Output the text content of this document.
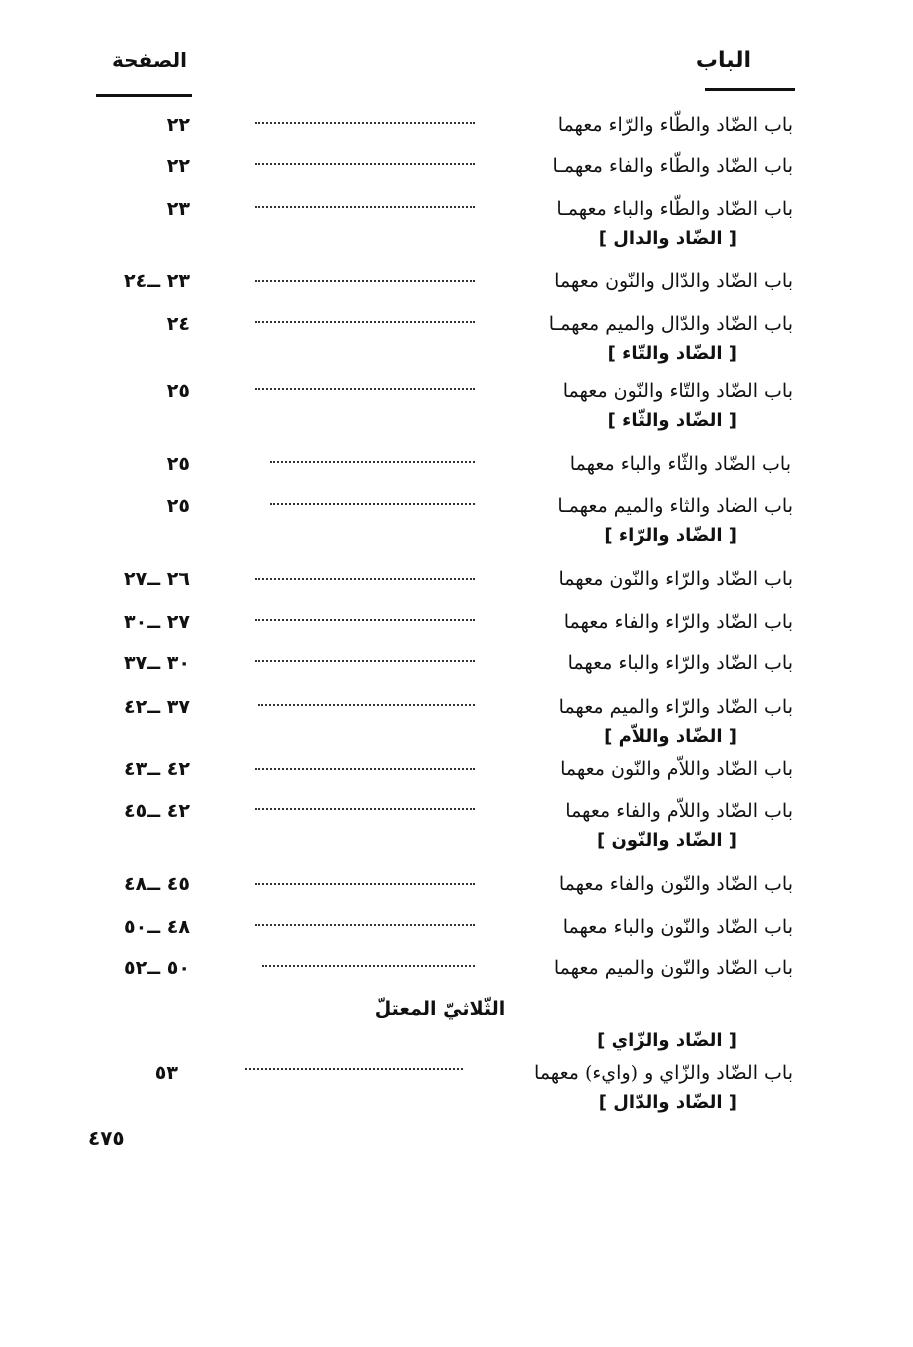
الباب
الصفحة
باب الضّاد والطّاء والرّاء معهما
٢٢
باب الضّاد والطّاء والفاء معهمـا
٢٢
باب الضّاد والطّاء والباء معهمـا
٢٣
[ الضّاد والدال ]
باب الضّاد والدّال والنّون معهما
٢٣ ــ٢٤
باب الضّاد والدّال والميم معهمـا
٢٤
[ الضّاد والتّاء ]
باب الضّاد والتّاء والنّون معهما
٢٥
[ الضّاد والثّاء ]
باب الضّاد والثّاء والباء معهما
٢٥
باب الضاد والثاء والميم معهمـا
٢٥
[ الضّاد والرّاء ]
باب الضّاد والرّاء والنّون معهما
٢٦ ــ٢٧
باب الضّاد والرّاء والفاء معهما
٢٧ ــ٣٠
باب الضّاد والرّاء والباء معهما
٣٠ ــ٣٧
باب الضّاد والرّاء والميم معهما
٣٧ ــ٤٢
[ الضّاد واللاّم ]
باب الضّاد واللاّم والنّون معهما
٤٢ ــ٤٣
باب الضّاد واللاّم والفاء معهما
٤٢ ــ٤٥
[ الضّاد والنّون ]
باب الضّاد والنّون والفاء معهما
٤٥ ــ٤٨
باب الضّاد والنّون والباء معهما
٤٨ ــ٥٠
باب الضّاد والنّون والميم معهما
٥٠ ــ٥٢
الثّلاثيّ المعتلّ
[ الضّاد والزّاي ]
باب الضّاد والزّاي و (وايء) معهما
٥٣
[ الضّاد والدّال ]
٤٧٥
